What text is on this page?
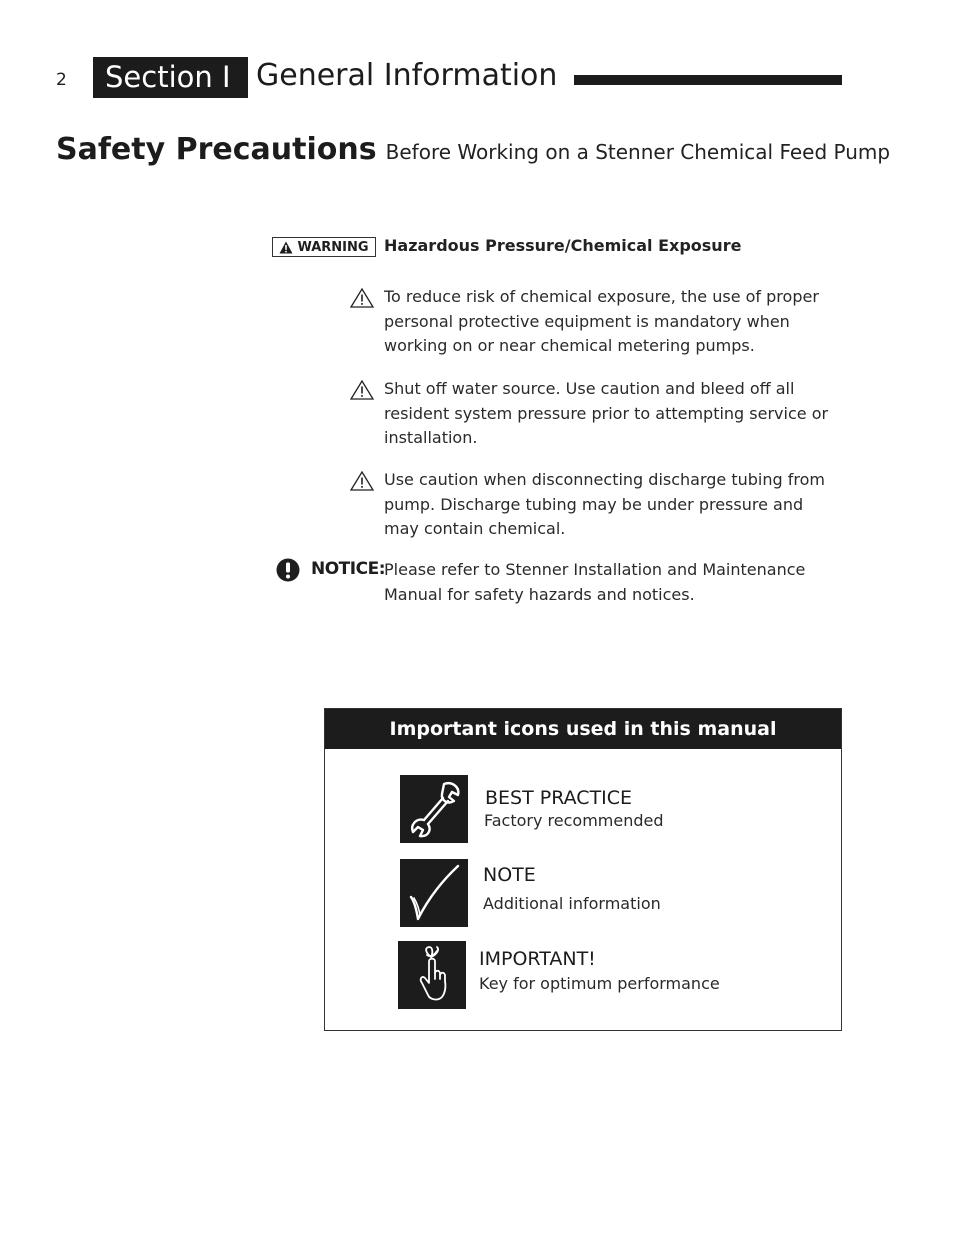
2	Section I General Information
Safety Precautions Before Working on a Stenner Chemical Feed Pump
WARNING Hazardous Pressure/Chemical Exposure
To reduce risk of chemical exposure, the use of proper personal protective equipment is mandatory when working on or near chemical metering pumps.
Shut off water source. Use caution and bleed off all resident system pressure prior to attempting service or installation.
Use caution when disconnecting discharge tubing from pump. Discharge tubing may be under pressure and may contain chemical.
NOTICE: Please refer to Stenner Installation and Maintenance Manual for safety hazards and notices.
Important icons used in this manual
BEST PRACTICE
Factory recommended
NOTE
Additional information
IMPORTANT!
Key for optimum performance
